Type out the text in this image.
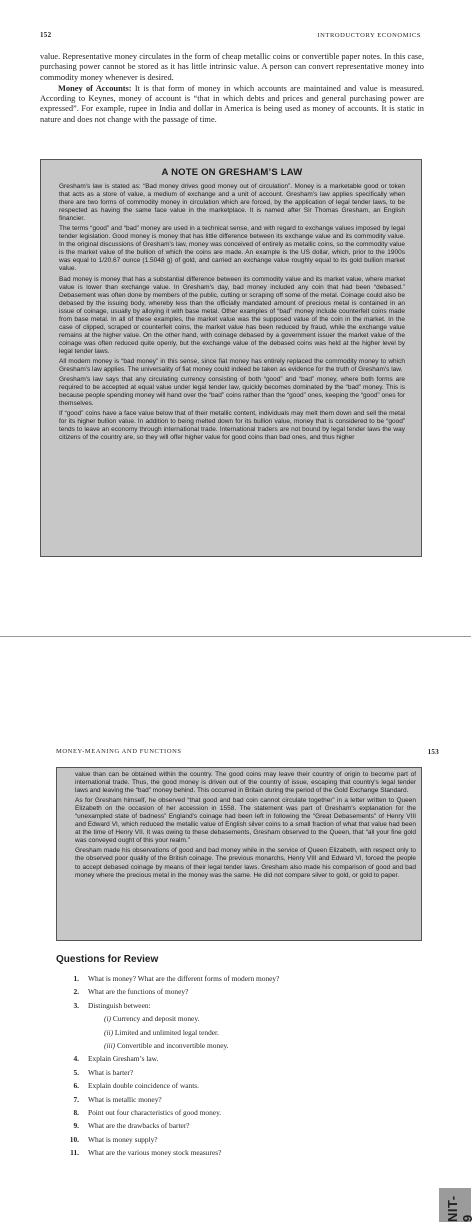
152	INTRODUCTORY ECONOMICS

value. Representative money circulates in the form of cheap metallic coins or convertible paper notes. In this case, purchasing power cannot be stored as it has little intrinsic value. A person can convert representative money into commodity money whenever is desired.

Money of Accounts: It is that form of money in which accounts are maintained and value is measured. According to Keynes, money of account is “that in which debts and prices and general purchasing power are expressed”. For example, rupee in India and dollar in America is being used as money of accounts. It is static in nature and does not change with the passage of time.

A NOTE ON GRESHAM’S LAW

Gresham's law is stated as: “Bad money drives good money out of circulation”. Money is a marketable good or token that acts as a store of value, a medium of exchange and a unit of account. Gresham's law applies specifically when there are two forms of commodity money in circulation which are forced, by the application of legal tender laws, to be respected as having the same face value in the marketplace. It is named after Sir Thomas Gresham, an English financier.

The terms “good” and “bad” money are used in a technical sense, and with regard to exchange values imposed by legal tender legislation. Good money is money that has little difference between its exchange value and its commodity value. In the original discussions of Gresham's law, money was conceived of entirely as metallic coins, so the commodity value is the market value of the bullion of which the coins are made. An example is the US dollar, which, prior to the 1900s was equal to 1/20.67 ounce (1.5048 g) of gold, and carried an exchange value roughly equal to its gold bullion market value.

Bad money is money that has a substantial difference between its commodity value and its market value, where market value is lower than exchange value. In Gresham's day, bad money included any coin that had been “debased.” Debasement was often done by members of the public, cutting or scraping off some of the metal. Coinage could also be debased by the issuing body, whereby less than the officially mandated amount of precious metal is contained in an issue of coinage, usually by alloying it with base metal. Other examples of “bad” money include counterfeit coins made from base metal. In all of these examples, the market value was the supposed value of the coin in the market. In the case of clipped, scraped or counterfeit coins, the market value has been reduced by fraud, while the exchange value remains at the higher value. On the other hand, with coinage debased by a government issuer the market value of the coinage was often reduced quite openly, but the exchange value of the debased coins was held at the higher level by legal tender laws.

All modern money is “bad money” in this sense, since fiat money has entirely replaced the commodity money to which Gresham's law applies. The universality of fiat money could indeed be taken as evidence for the truth of Gresham's law.

Gresham's law says that any circulating currency consisting of both “good” and “bad” money, where both forms are required to be accepted at equal value under legal tender law, quickly becomes dominated by the “bad” money. This is because people spending money will hand over the “bad” coins rather than the “good” ones, keeping the “good” ones for themselves.

If “good” coins have a face value below that of their metallic content, individuals may melt them down and sell the metal for its higher bullion value. In addition to being melted down for its bullion value, money that is considered to be “good” tends to leave an economy through international trade. International traders are not bound by legal tender laws the way citizens of the country are, so they will offer higher value for good coins than bad ones, and thus higher

MONEY-MEANING AND FUNCTIONS	153

value than can be obtained within the country. The good coins may leave their country of origin to become part of international trade. Thus, the good money is driven out of the country of issue, escaping that country's legal tender laws and leaving the “bad” money behind. This occurred in Britain during the period of the Gold Exchange Standard.

As for Gresham himself, he observed “that good and bad coin cannot circulate together” in a letter written to Queen Elizabeth on the occasion of her accession in 1558. The statement was part of Gresham's explanation for the “unexampled state of badness” England's coinage had been left in following the “Great Debasements” of Henry VIII and Edward VI, which reduced the metallic value of English silver coins to a small fraction of what that value had been at the time of Henry VII. It was owing to these debasements, Gresham observed to the Queen, that “all your fine gold was conveyed ought of this your realm.”

Gresham made his observations of good and bad money while in the service of Queen Elizabeth, with respect only to the observed poor quality of the British coinage. The previous monarchs, Henry VIII and Edward VI, forced the people to accept debased coinage by means of their legal tender laws. Gresham also made his comparison of good and bad money where the precious metal in the money was the same. He did not compare silver to gold, or gold to paper.

Questions for Review
1.	What is money? What are the different forms of modern money?
2.	What are the functions of money?
3.	Distinguish between:
(i)
Currency and deposit money.
(ii)
Limited and unlimited legal tender.
(iii)
Convertible and inconvertible money.
4.	Explain Gresham’s law.
5.	What is barter?
6.	Explain double coincidence of wants.
7.	What is metallic money?
8.	Point out four characteristics of good money.
9.	What are the drawbacks of barter?
10.	What is money supply?
11.	What are the various money stock measures?
NIT-9
